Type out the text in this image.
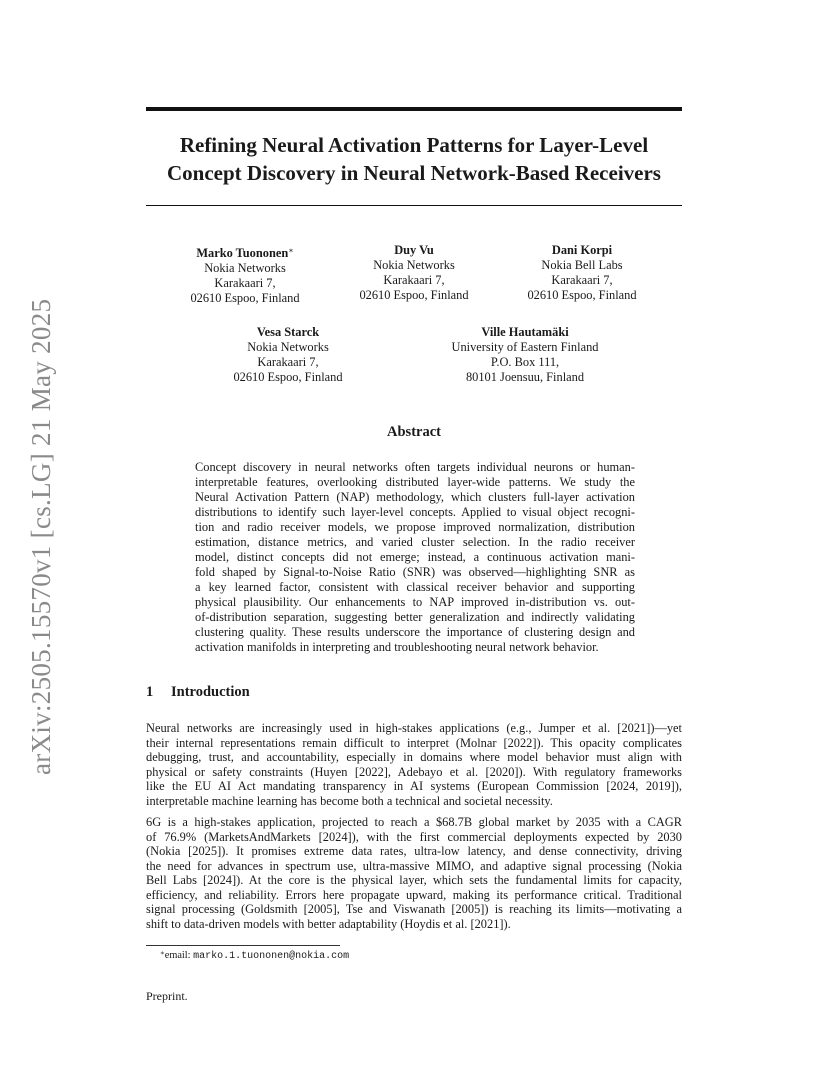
arXiv:2505.15570v1 [cs.LG] 21 May 2025
Refining Neural Activation Patterns for Layer-Level
Concept Discovery in Neural Network-Based Receivers
Marko Tuononen∗
Nokia Networks
Karakaari 7,
02610 Espoo, Finland
Duy Vu
Nokia Networks
Karakaari 7,
02610 Espoo, Finland
Dani Korpi
Nokia Bell Labs
Karakaari 7,
02610 Espoo, Finland
Vesa Starck
Nokia Networks
Karakaari 7,
02610 Espoo, Finland
Ville Hautamäki
University of Eastern Finland
P.O. Box 111,
80101 Joensuu, Finland
Abstract

Concept discovery in neural networks often targets individual neurons or human-
interpretable features, overlooking distributed layer-wide patterns. We study the
Neural Activation Pattern (NAP) methodology, which clusters full-layer activation
distributions to identify such layer-level concepts. Applied to visual object recogni-
tion and radio receiver models, we propose improved normalization, distribution
estimation, distance metrics, and varied cluster selection. In the radio receiver
model, distinct concepts did not emerge; instead, a continuous activation mani-
fold shaped by Signal-to-Noise Ratio (SNR) was observed—highlighting SNR as
a key learned factor, consistent with classical receiver behavior and supporting
physical plausibility. Our enhancements to NAP improved in-distribution vs. out-
of-distribution separation, suggesting better generalization and indirectly validating
clustering quality. These results underscore the importance of clustering design and
activation manifolds in interpreting and troubleshooting neural network behavior.

1 Introduction

Neural networks are increasingly used in high-stakes applications (e.g., Jumper et al. [2021])—yet
their internal representations remain difficult to interpret (Molnar [2022]). This opacity complicates
debugging, trust, and accountability, especially in domains where model behavior must align with
physical or safety constraints (Huyen [2022], Adebayo et al. [2020]). With regulatory frameworks
like the EU AI Act mandating transparency in AI systems (European Commission [2024, 2019]),
interpretable machine learning has become both a technical and societal necessity.

6G is a high-stakes application, projected to reach a $68.7B global market by 2035 with a CAGR
of 76.9% (MarketsAndMarkets [2024]), with the first commercial deployments expected by 2030
(Nokia [2025]). It promises extreme data rates, ultra-low latency, and dense connectivity, driving
the need for advances in spectrum use, ultra-massive MIMO, and adaptive signal processing (Nokia
Bell Labs [2024]). At the core is the physical layer, which sets the fundamental limits for capacity,
efficiency, and reliability. Errors here propagate upward, making its performance critical. Traditional
signal processing (Goldsmith [2005], Tse and Viswanath [2005]) is reaching its limits—motivating a
shift to data-driven models with better adaptability (Hoydis et al. [2021]).

∗email: marko.1.tuononen@nokia.com
Preprint.
